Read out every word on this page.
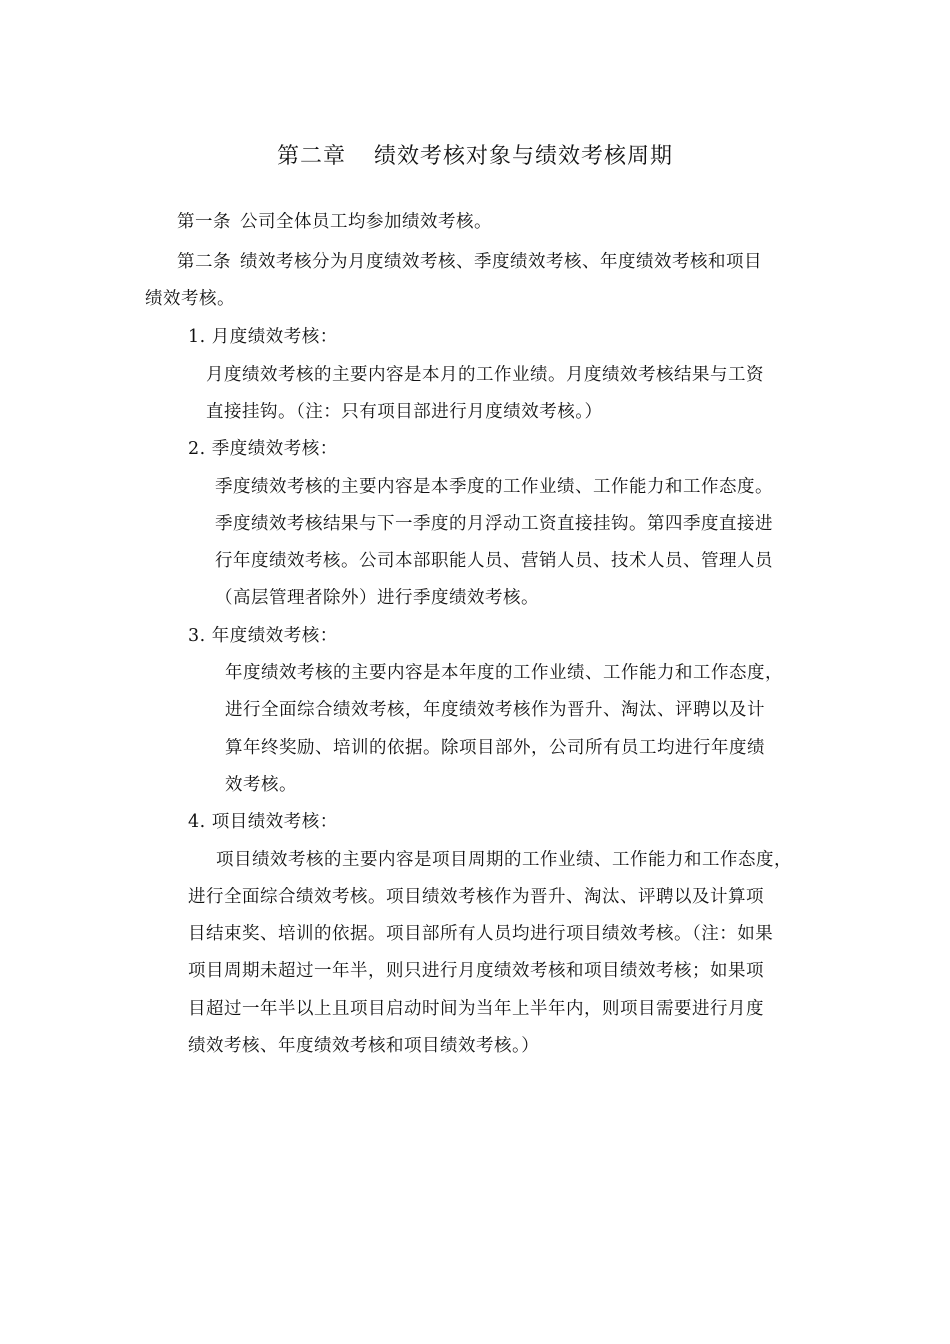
第二章 绩效考核对象与绩效考核周期
第一条 公司全体员工均参加绩效考核。
第二条 绩效考核分为月度绩效考核、季度绩效考核、年度绩效考核和项目
绩效考核。
1. 月度绩效考核：
月度绩效考核的主要内容是本月的工作业绩。月度绩效考核结果与工资
直接挂钩。（注：只有项目部进行月度绩效考核。）
2. 季度绩效考核：
季度绩效考核的主要内容是本季度的工作业绩、工作能力和工作态度。
季度绩效考核结果与下一季度的月浮动工资直接挂钩。第四季度直接进
行年度绩效考核。公司本部职能人员、营销人员、技术人员、管理人员
（高层管理者除外）进行季度绩效考核。
3. 年度绩效考核：
年度绩效考核的主要内容是本年度的工作业绩、工作能力和工作态度，
进行全面综合绩效考核，年度绩效考核作为晋升、淘汰、评聘以及计
算年终奖励、培训的依据。除项目部外，公司所有员工均进行年度绩
效考核。
4. 项目绩效考核：
项目绩效考核的主要内容是项目周期的工作业绩、工作能力和工作态度，
进行全面综合绩效考核。项目绩效考核作为晋升、淘汰、评聘以及计算项
目结束奖、培训的依据。项目部所有人员均进行项目绩效考核。（注：如果
项目周期未超过一年半，则只进行月度绩效考核和项目绩效考核；如果项
目超过一年半以上且项目启动时间为当年上半年内，则项目需要进行月度
绩效考核、年度绩效考核和项目绩效考核。）
